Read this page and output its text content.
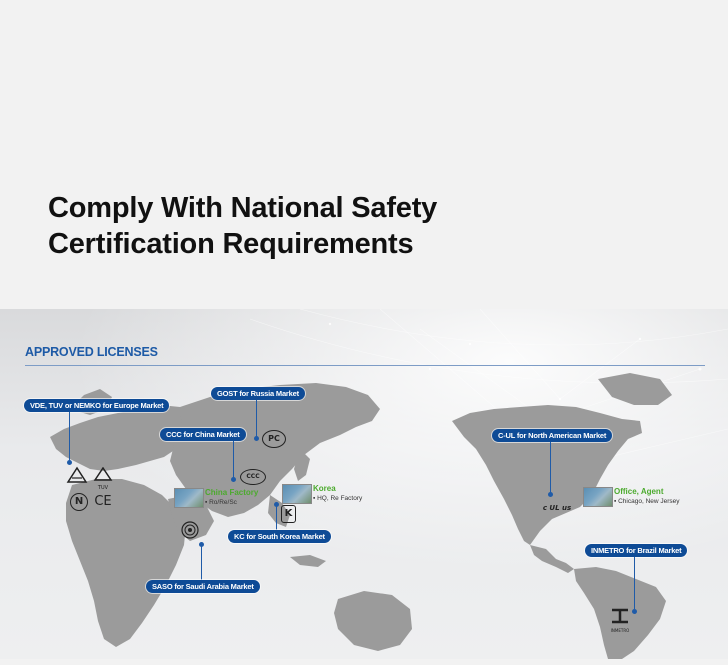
Comply With National Safety
Certification Requirements
APPROVED LICENSES
VDE, TUV or NEMKO for Europe Market
TUV
N CE
GOST for Russia Market
PC
CCC for China Market
CCC
China Factory
▪ Ro/Re/Sc
Korea
▪ HQ, Re Factory
K
KC for South Korea Market
SASO for Saudi Arabia Market
C-UL for North American Market
c UL us
Office, Agent
▪ Chicago, New Jersey
INMETRO for Brazil Market
INMETRO
